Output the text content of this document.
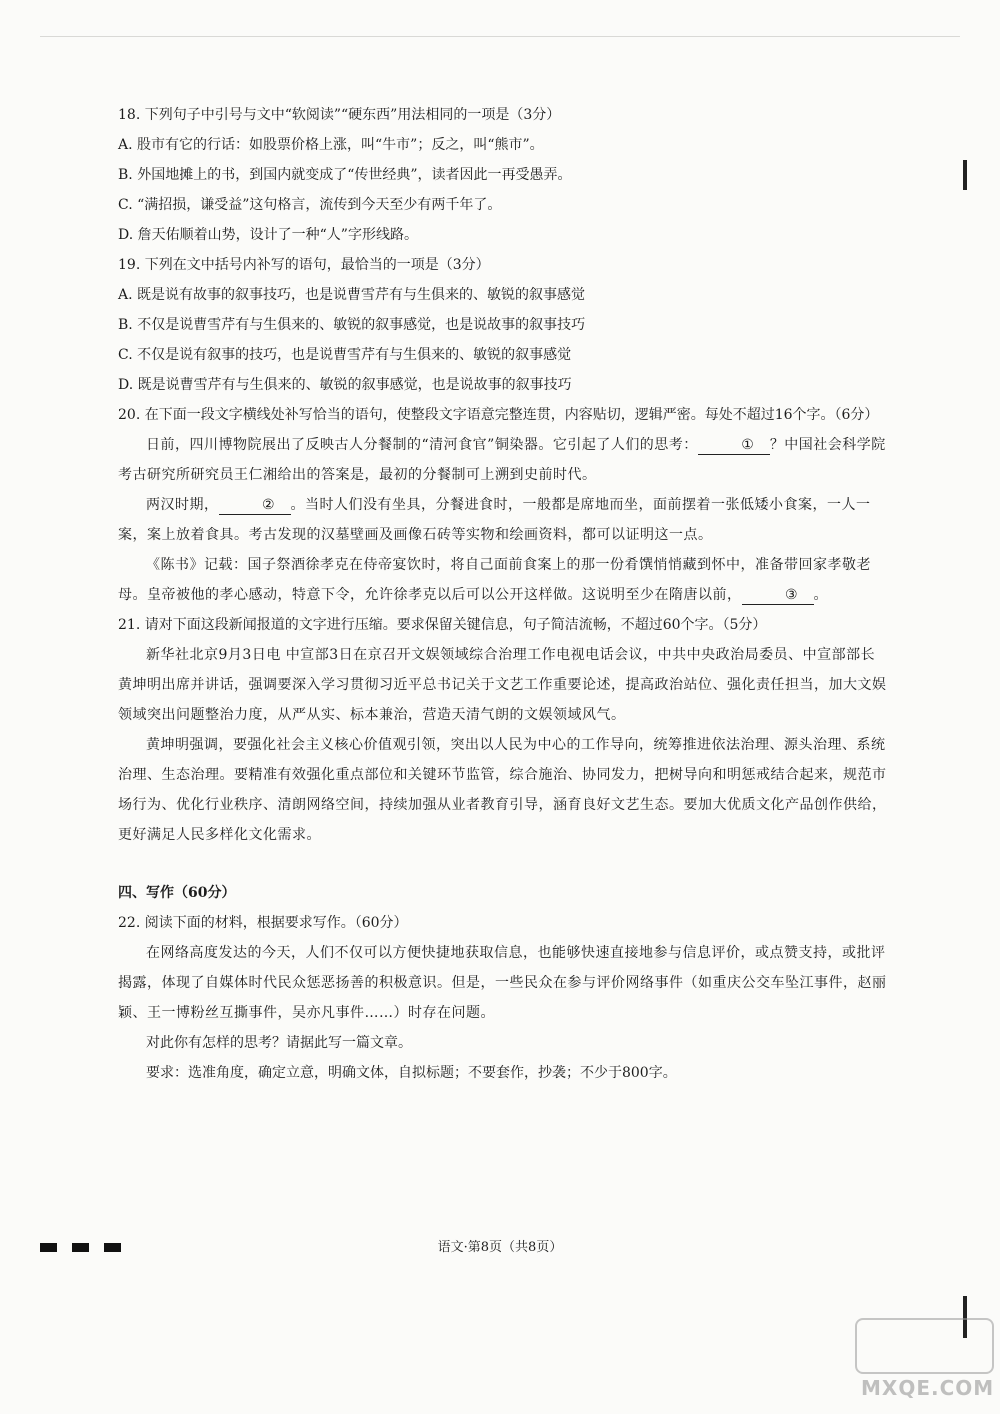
18. 下列句子中引号与文中“软阅读”“硬东西”用法相同的一项是（3分）

A. 股市有它的行话：如股票价格上涨，叫“牛市”；反之，叫“熊市”。

B. 外国地摊上的书，到国内就变成了“传世经典”，读者因此一再受愚弄。

C. “满招损，谦受益”这句格言，流传到今天至少有两千年了。

D. 詹天佑顺着山势，设计了一种“人”字形线路。

19. 下列在文中括号内补写的语句，最恰当的一项是（3分）

A. 既是说有故事的叙事技巧，也是说曹雪芹有与生俱来的、敏锐的叙事感觉

B. 不仅是说曹雪芹有与生俱来的、敏锐的叙事感觉，也是说故事的叙事技巧

C. 不仅是说有叙事的技巧，也是说曹雪芹有与生俱来的、敏锐的叙事感觉

D. 既是说曹雪芹有与生俱来的、敏锐的叙事感觉，也是说故事的叙事技巧

20. 在下面一段文字横线处补写恰当的语句，使整段文字语意完整连贯，内容贴切，逻辑严密。每处不超过16个字。（6分）

日前，四川博物院展出了反映古人分餐制的“清河食官”铜染器。它引起了人们的思考：	① ？中国社会科学院考古研究所研究员王仁湘给出的答案是，最初的分餐制可上溯到史前时代。

两汉时期，	② 。当时人们没有坐具，分餐进食时，一般都是席地而坐，面前摆着一张低矮小食案，一人一案，案上放着食具。考古发现的汉墓壁画及画像石砖等实物和绘画资料，都可以证明这一点。

《陈书》记载：国子祭酒徐孝克在侍帝宴饮时，将自己面前食案上的那一份肴馔悄悄藏到怀中，准备带回家孝敬老母。皇帝被他的孝心感动，特意下令，允许徐孝克以后可以公开这样做。这说明至少在隋唐以前，	③ 。

21. 请对下面这段新闻报道的文字进行压缩。要求保留关键信息，句子简洁流畅，不超过60个字。（5分）

新华社北京9月3日电 中宣部3日在京召开文娱领域综合治理工作电视电话会议，中共中央政治局委员、中宣部部长黄坤明出席并讲话，强调要深入学习贯彻习近平总书记关于文艺工作重要论述，提高政治站位、强化责任担当，加大文娱领域突出问题整治力度，从严从实、标本兼治，营造天清气朗的文娱领域风气。

黄坤明强调，要强化社会主义核心价值观引领，突出以人民为中心的工作导向，统筹推进依法治理、源头治理、系统治理、生态治理。要精准有效强化重点部位和关键环节监管，综合施治、协同发力，把树导向和明惩戒结合起来，规范市场行为、优化行业秩序、清朗网络空间，持续加强从业者教育引导，涵育良好文艺生态。要加大优质文化产品创作供给，更好满足人民多样化文化需求。

四、写作（60分）

22. 阅读下面的材料，根据要求写作。（60分）

在网络高度发达的今天，人们不仅可以方便快捷地获取信息，也能够快速直接地参与信息评价，或点赞支持，或批评揭露，体现了自媒体时代民众惩恶扬善的积极意识。但是，一些民众在参与评价网络事件（如重庆公交车坠江事件，赵丽颖、王一博粉丝互撕事件，吴亦凡事件……）时存在问题。

对此你有怎样的思考？请据此写一篇文章。

要求：选准角度，确定立意，明确文体，自拟标题；不要套作，抄袭；不少于800字。

语文·第8页（共8页）
MXQE.COM
